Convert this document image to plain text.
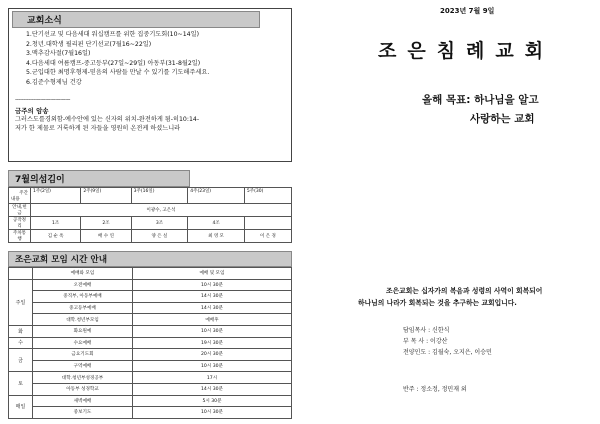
교회소식
1.단기선교 및 다음세대 워십캠프를 위한 집중기도회(10~14일)
2.청년.대학생 필리핀 단기선교(7월16~22일)
3.맥추감사절(7월16일)
4.다음세대 여름캠프-중고등부(27일~29일) 아동부(31-8월2일)
5.군입대한 최명후형제-믿음의 사람들 만날 수 있기를 기도해주세요.
6.김준수형제님 건강
---------------------------------
금주의 암송
그러스도를경외함-예수안에 있는 신자의 위치-완전하게 됨-히10:14-
저가 한 제물로 거룩하게 된 자들을 영원히 온전케 하셨느니라
7월의섬김이
주간
내용	1주(2일)	2주(9일)	3주(16일)	4주(23일)	5주(30)
안내,헌금	이광수, 고은석				
공작정리	1조	2조	3조	4조	
주차통행	김 순 옥	배 수 연	양 은 실	최 영 모	이 은 경
조은교회 모임 시간 안내
	예배와 모임	예배 및 모임
주일	오전예배	10시 30분
	중직부, 아동부예배	14시 30분
	중고등부예배	14시 30분
	대학.청년부모임	예배후
화	화요원예	10시 30분
수	수요예배	19시 30분
금	금요기도회	20시 30분
	구역예배	10시 30분
토	대학.청년부성경공부	17시
	아동부 성경학교	14시 30분
매일	새벽예배	5시 30분
	중보기도	10시 30분
2023년 7월 9일
조은침례교회
올해 목표: 하나님을 알고
사랑하는 교회
조은교회는 십자가의 복음과 성령의 사역이 회복되어
하나님의 나라가 회복되는 것을 추구하는 교회입니다.
담임목사 : 신한식
부 목 사 : 이강산
전양인도 : 김월숙, 오지은, 이승민
반주 : 정소정, 정민재 외
